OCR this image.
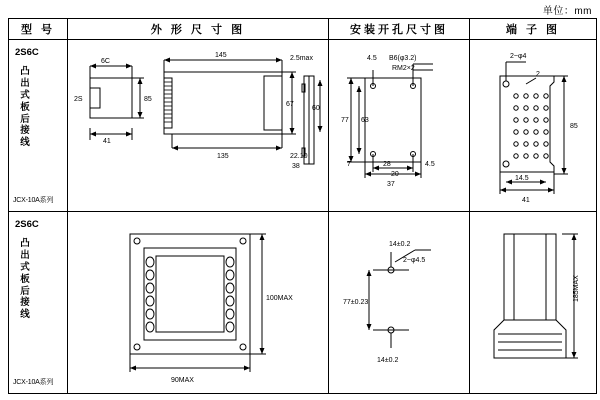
单位：mm
型 号	外 形 尺 寸 图	安装开孔尺寸图	端 子 图

2S6C
凸出式板后接线
JCX-10A系列

6C
2S
41
85
145
135
67
2.5max
60
22.10
38

4.5 B6(φ3.2)
RM2×2
77 63
7	28	4.5
37
20

2~φ4
85
14.5
41
2

2S6C
凸出式板后接线
JCX-10A系列

100MAX
90MAX

14±0.2
2~φ4.5
77±0.23
14±0.2

185MAX
